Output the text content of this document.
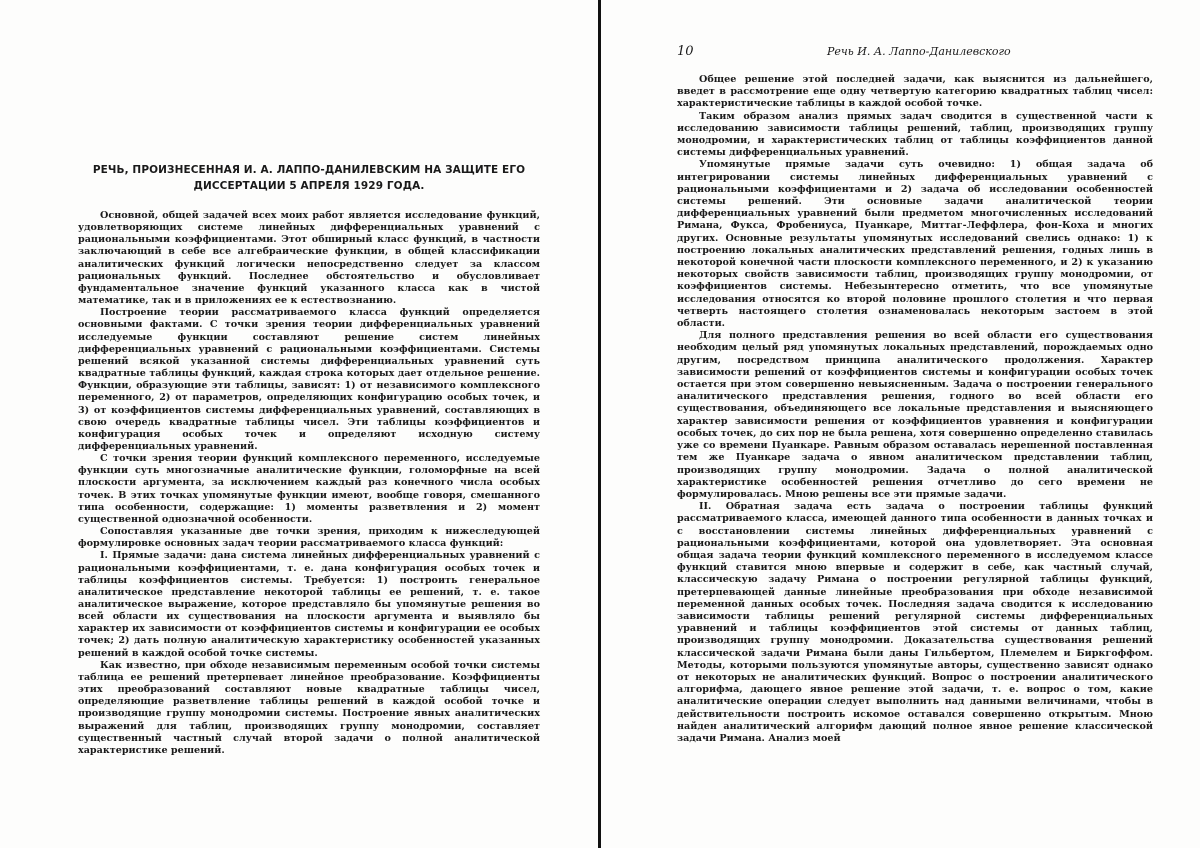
РЕЧЬ, ПРОИЗНЕСЕННАЯ И. А. ЛАППО-ДАНИЛЕВСКИМ НА ЗАЩИТЕ ЕГО ДИССЕРТАЦИИ 5 АПРЕЛЯ 1929 ГОДА.

Основной, общей задачей всех моих работ является исследование функций, удовлетворяющих системе линейных дифференциальных уравнений с рациональными коэффициентами. Этот обширный класс функций, в частности заключающий в себе все алгебраические функции, в общей классификации аналитических функций логически непосредственно следует за классом рациональных функций. Последнее обстоятельство и обусловливает фундаментальное значение функций указанного класса как в чистой математике, так и в приложениях ее к естествознанию.

Построение теории рассматриваемого класса функций определяется основными фактами. С точки зрения теории дифференциальных уравнений исследуемые функции составляют решение систем линейных дифференциальных уравнений с рациональными коэффициентами. Системы решений всякой указанной системы дифференциальных уравнений суть квадратные таблицы функций, каждая строка которых дает отдельное решение. Функции, образующие эти таблицы, зависят: 1) от независимого комплексного переменного, 2) от параметров, определяющих конфигурацию особых точек, и 3) от коэффициентов системы дифференциальных уравнений, составляющих в свою очередь квадратные таблицы чисел. Эти таблицы коэффициентов и конфигурация особых точек и определяют исходную систему дифференциальных уравнений.

С точки зрения теории функций комплексного переменного, исследуемые функции суть многозначные аналитические функции, голоморфные на всей плоскости аргумента, за исключением каждый раз конечного числа особых точек. В этих точках упомянутые функции имеют, вообще говоря, смешанного типа особенности, содержащие: 1) моменты разветвления и 2) момент существенной однозначной особенности.

Сопоставляя указанные две точки зрения, приходим к нижеследующей формулировке основных задач теории рассматриваемого класса функций:

I. Прямые задачи: дана система линейных дифференциальных уравнений с рациональными коэффициентами, т. е. дана конфигурация особых точек и таблицы коэффициентов системы. Требуется: 1) построить генеральное аналитическое представление некоторой таблицы ее решений, т. е. такое аналитическое выражение, которое представляло бы упомянутые решения во всей области их существования на плоскости аргумента и выявляло бы характер их зависимости от коэффициентов системы и конфигурации ее особых точек; 2) дать полную аналитическую характеристику особенностей указанных решений в каждой особой точке системы.

Как известно, при обходе независимым переменным особой точки системы таблица ее решений претерпевает линейное преобразование. Коэффициенты этих преобразований составляют новые квадратные таблицы чисел, определяющие разветвление таблицы решений в каждой особой точке и производящие группу монодромии системы. Построение явных аналитических выражений для таблиц, производящих группу монодромии, составляет существенный частный случай второй задачи о полной аналитической характеристике решений.

10	Речь И. А. Лаппо-Данилевского

Общее решение этой последней задачи, как выяснится из дальнейшего, введет в рассмотрение еще одну четвертую категорию квадратных таблиц чисел: характеристические таблицы в каждой особой точке.

Таким образом анализ прямых задач сводится в существенной части к исследованию зависимости таблицы решений, таблиц, производящих группу монодромии, и характеристических таблиц от таблицы коэффициентов данной системы дифференциальных уравнений.

Упомянутые прямые задачи суть очевидно: 1) общая задача об интегрировании системы линейных дифференциальных уравнений с рациональными коэффициентами и 2) задача об исследовании особенностей системы решений. Эти основные задачи аналитической теории дифференциальных уравнений были предметом многочисленных исследований Римана, Фукса, Фробениуса, Пуанкаре, Миттаг-Леффлера, фон-Коха и многих других. Основные результаты упомянутых исследований свелись однако: 1) к построению локальных аналитических представлений решения, годных лишь в некоторой конечной части плоскости комплексного переменного, и 2) к указанию некоторых свойств зависимости таблиц, производящих группу монодромии, от коэффициентов системы. Небезынтересно отметить, что все упомянутые исследования относятся ко второй половине прошлого столетия и что первая четверть настоящего столетия ознаменовалась некоторым застоем в этой области.

Для полного представления решения во всей области его существования необходим целый ряд упомянутых локальных представлений, порождаемых одно другим, посредством принципа аналитического продолжения. Характер зависимости решений от коэффициентов системы и конфигурации особых точек остается при этом совершенно невыясненным. Задача о построении генерального аналитического представления решения, годного во всей области его существования, объединяющего все локальные представления и выясняющего характер зависимости решения от коэффициентов уравнения и конфигурации особых точек, до сих пор не была решена, хотя совершенно определенно ставилась уже со времени Пуанкаре. Равным образом оставалась нерешенной поставленная тем же Пуанкаре задача о явном аналитическом представлении таблиц, производящих группу монодромии. Задача о полной аналитической характеристике особенностей решения отчетливо до сего времени не формулировалась. Мною решены все эти прямые задачи.

II. Обратная задача есть задача о построении таблицы функций рассматриваемого класса, имеющей данного типа особенности в данных точках и с восстановлении системы линейных дифференциальных уравнений с рациональными коэффициентами, которой она удовлетворяет. Эта основная общая задача теории функций комплексного переменного в исследуемом классе функций ставится мною впервые и содержит в себе, как частный случай, классическую задачу Римана о построении регулярной таблицы функций, претерпевающей данные линейные преобразования при обходе независимой переменной данных особых точек. Последняя задача сводится к исследованию зависимости таблицы решений регулярной системы дифференциальных уравнений и таблицы коэффициентов этой системы от данных таблиц, производящих группу монодромии. Доказательства существования решений классической задачи Римана были даны Гильбертом, Племелем и Биркгоффом. Методы, которыми пользуются упомянутые авторы, существенно зависят однако от некоторых не аналитических функций. Вопрос о построении аналитического алгорифма, дающего явное решение этой задачи, т. е. вопрос о том, какие аналитические операции следует выполнить над данными величинами, чтобы в действительности построить искомое оставался совершенно открытым. Мною найден аналитический алгорифм дающий полное явное решение классической задачи Римана. Анализ моей
